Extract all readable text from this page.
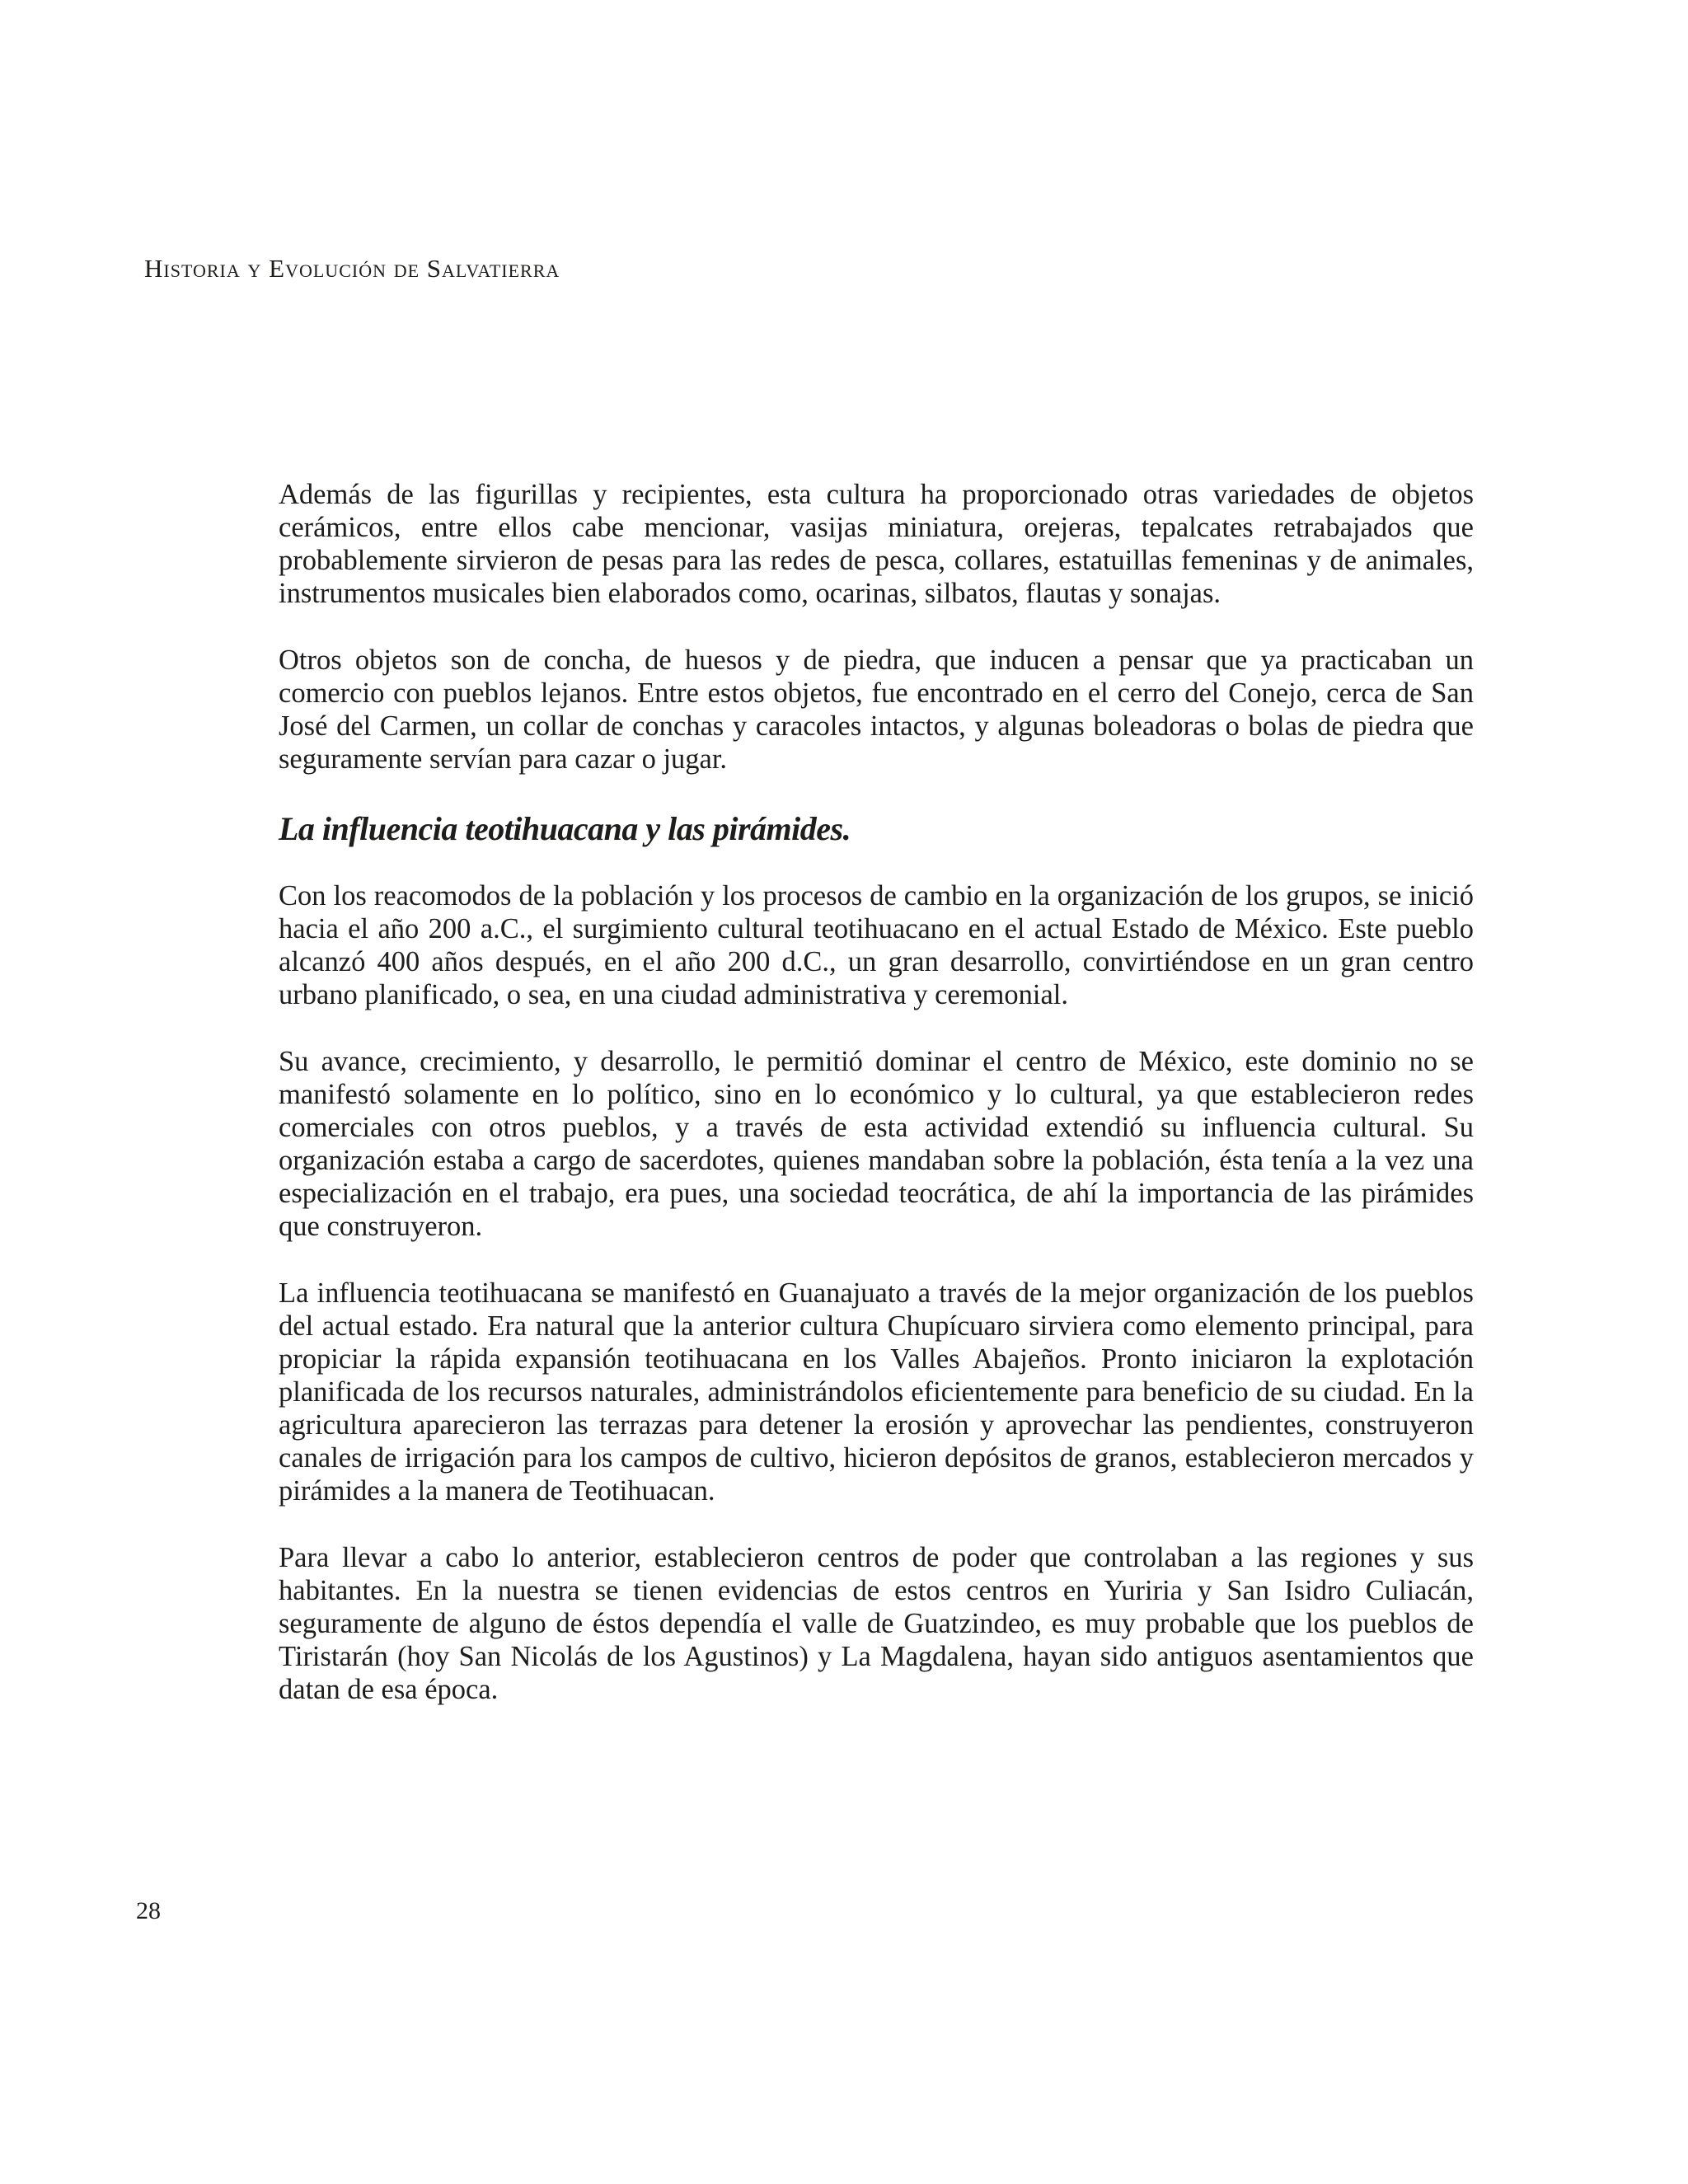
Historia y Evolución de Salvatierra

Además de las figurillas y recipientes, esta cultura ha proporcionado otras variedades de objetos cerámicos, entre ellos cabe mencionar, vasijas miniatura, orejeras, tepalcates retrabajados que probablemente sirvieron de pesas para las redes de pesca, collares, estatuillas femeninas y de animales, instrumentos musicales bien elaborados como, ocarinas, silbatos, flautas y sonajas.

Otros objetos son de concha, de huesos y de piedra, que inducen a pensar que ya practicaban un comercio con pueblos lejanos. Entre estos objetos, fue encontrado en el cerro del Conejo, cerca de San José del Carmen, un collar de conchas y caracoles intactos, y algunas boleadoras o bolas de piedra que seguramente servían para cazar o jugar.

La influencia teotihuacana y las pirámides.

Con los reacomodos de la población y los procesos de cambio en la organización de los grupos, se inició hacia el año 200 a.C., el surgimiento cultural teotihuacano en el actual Estado de México. Este pueblo alcanzó 400 años después, en el año 200 d.C., un gran desarrollo, convirtiéndose en un gran centro urbano planificado, o sea, en una ciudad administrativa y ceremonial.

Su avance, crecimiento, y desarrollo, le permitió dominar el centro de México, este dominio no se manifestó solamente en lo político, sino en lo económico y lo cultural, ya que establecieron redes comerciales con otros pueblos, y a través de esta actividad extendió su influencia cultural. Su organización estaba a cargo de sacerdotes, quienes mandaban sobre la población, ésta tenía a la vez una especialización en el trabajo, era pues, una sociedad teocrática, de ahí la importancia de las pirámides que construyeron.

La influencia teotihuacana se manifestó en Guanajuato a través de la mejor organización de los pueblos del actual estado. Era natural que la anterior cultura Chupícuaro sirviera como elemento principal, para propiciar la rápida expansión teotihuacana en los Valles Abajeños. Pronto iniciaron la explotación planificada de los recursos naturales, administrándolos eficientemente para beneficio de su ciudad. En la agricultura aparecieron las terrazas para detener la erosión y aprovechar las pendientes, construyeron canales de irrigación para los campos de cultivo, hicieron depósitos de granos, establecieron mercados y pirámides a la manera de Teotihuacan.

Para llevar a cabo lo anterior, establecieron centros de poder que controlaban a las regiones y sus habitantes. En la nuestra se tienen evidencias de estos centros en Yuriria y San Isidro Culiacán, seguramente de alguno de éstos dependía el valle de Guatzindeo, es muy probable que los pueblos de Tiristarán (hoy San Nicolás de los Agustinos) y La Magdalena, hayan sido antiguos asentamientos que datan de esa época.

28
